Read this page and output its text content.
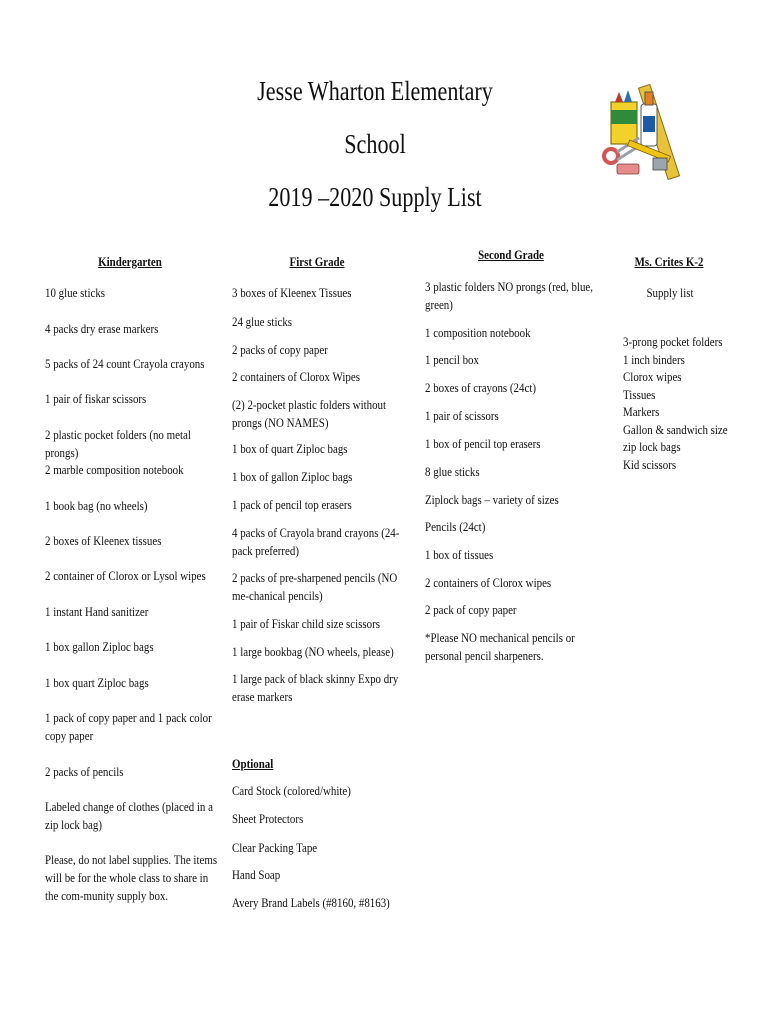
Jesse Wharton Elementary
School
2019 –2020 Supply List
Kindergarten	First Grade	Second Grade	Ms. Crites K-2
10 glue sticks
4 packs dry erase markers
5 packs of 24 count Crayola crayons
1 pair of fiskar scissors
2 plastic pocket folders (no metal prongs)
2 marble composition notebook
1 book bag (no wheels)
2 boxes of Kleenex tissues
2 container of Clorox or Lysol wipes
1 instant Hand sanitizer
1 box gallon Ziploc bags
1 box quart Ziploc bags
1 pack of copy paper and 1 pack color copy paper
2 packs of pencils
Labeled change of clothes (placed in a zip lock bag)
Please, do not label supplies. The items will be for the whole class to share in the com-munity supply box.
3 boxes of Kleenex Tissues
24 glue sticks
2 packs of copy paper
2 containers of Clorox Wipes
(2) 2-pocket plastic folders without prongs (NO NAMES)
1 box of quart Ziploc bags
1 box of gallon Ziploc bags
1 pack of pencil top erasers
4 packs of Crayola brand crayons (24-pack preferred)
2 packs of pre-sharpened pencils (NO me-chanical pencils)
1 pair of Fiskar child size scissors
1 large bookbag (NO wheels, please)
1 large pack of black skinny Expo dry erase markers
Optional
Card Stock (colored/white)
Sheet Protectors
Clear Packing Tape
Hand Soap
Avery Brand Labels (#8160, #8163)
3 plastic folders NO prongs (red, blue, green)
1 composition notebook
1 pencil box
2 boxes of crayons (24ct)
1 pair of scissors
1 box of pencil top erasers
8 glue sticks
Ziplock bags – variety of sizes
Pencils (24ct)
1 box of tissues
2 containers of Clorox wipes
2 pack of copy paper
*Please NO mechanical pencils or personal pencil sharpeners.
Supply list
3-prong pocket folders
1 inch binders
Clorox wipes
Tissues
Markers
Gallon & sandwich size zip lock bags
Kid scissors
